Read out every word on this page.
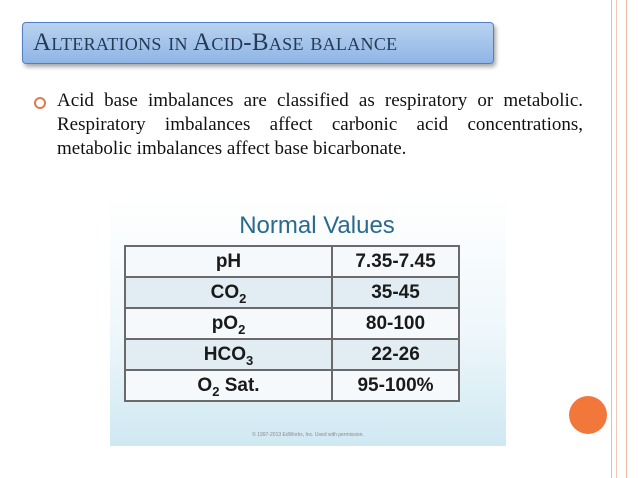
Alterations in Acid-Base balance
Acid base imbalances are classified as respiratory or metabolic. Respiratory imbalances affect carbonic acid concentrations, metabolic imbalances affect base bicarbonate.
Normal Values
pH	7.35-7.45
$CO_2$	35-45
$pO_2$	80-100
$HCO_3$	22-26
$O_2$ Sat.	95-100%
© 1997-2013 EdWorks, Inc. Used with permission.
